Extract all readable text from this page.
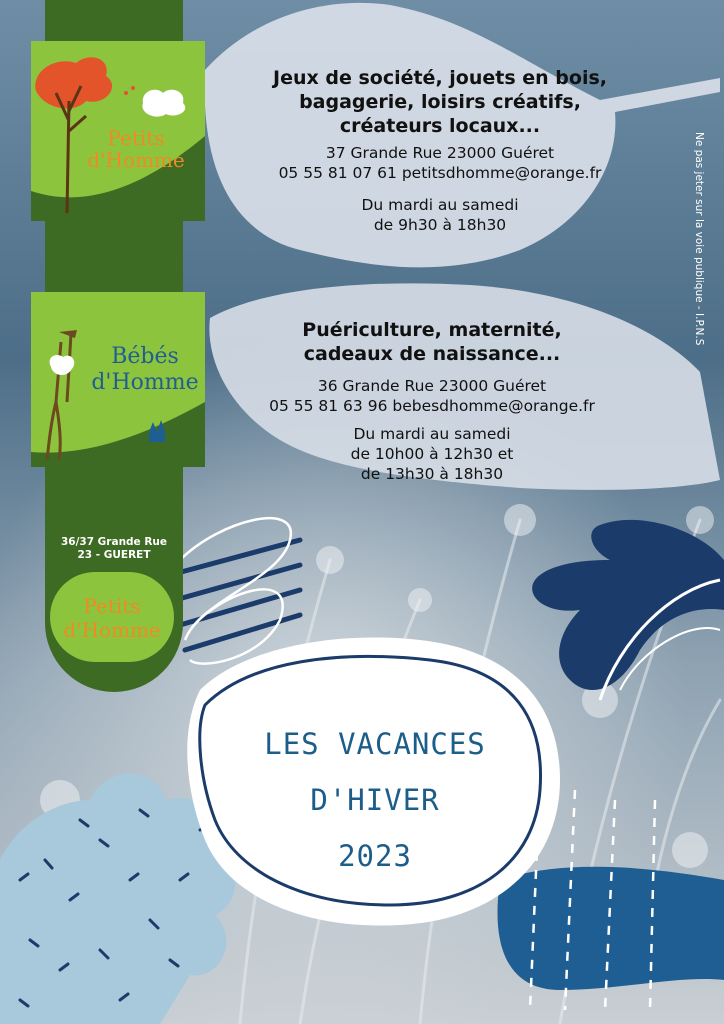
Petits
d'Homme
Bébés
d'Homme
36/37 Grande Rue
23 - GUERET
Petits
d'Homme
Jeux de société, jouets en bois,
bagagerie, loisirs créatifs,
créateurs locaux...
37 Grande Rue 23000 Guéret
05 55 81 07 61 petitsdhomme@orange.fr
Du mardi au samedi
de 9h30 à 18h30
Puériculture, maternité,
cadeaux de naissance...
36 Grande Rue 23000 Guéret
05 55 81 63 96 bebesdhomme@orange.fr
Du mardi au samedi
de 10h00 à 12h30 et
de 13h30 à 18h30
Ne pas jeter sur la voie publique - I.P.N.S
LES VACANCES
D'HIVER
2023
